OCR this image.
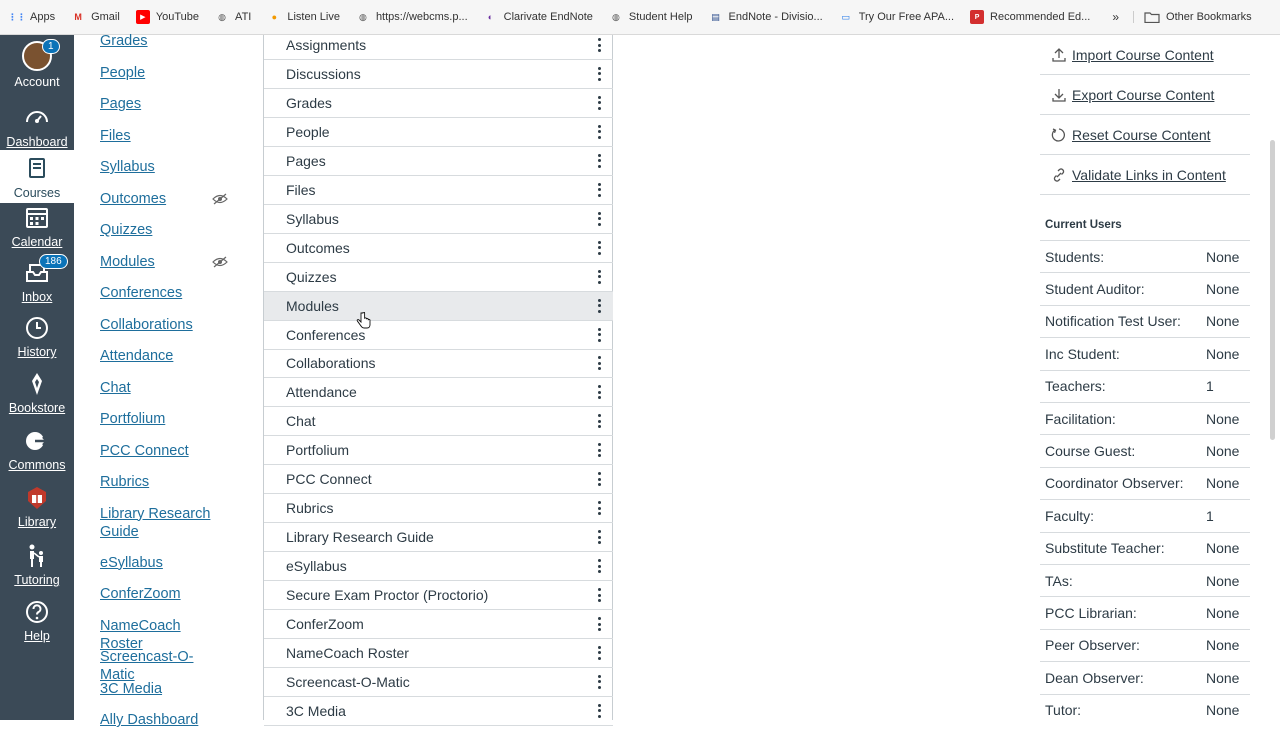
⋮⋮ Apps	M Gmail	▶ YouTube	◍ ATI	● Listen Live	◍ https://webcms.p...	◐ Clarivate EndNote	◍ Student Help	▤ EndNote - Divisio...	▭ Try Our Free APA...	P Recommended Ed... »	Other Bookmarks
1
Account
Dashboard
Courses
Calendar
186
Inbox
History
Bookstore
Commons
Library
Tutoring
Help
Grades
People
Pages
Files
Syllabus
Outcomes
Quizzes
Modules
Conferences
Collaborations
Attendance
Chat
Portfolium
PCC Connect
Rubrics
Library Research Guide
eSyllabus
ConferZoom
NameCoach Roster
Screencast-O-Matic
3C Media
Ally Dashboard
Assignments
Discussions
Grades
People
Pages
Files
Syllabus
Outcomes
Quizzes
Modules
Conferences
Collaborations
Attendance
Chat
Portfolium
PCC Connect
Rubrics
Library Research Guide
eSyllabus
Secure Exam Proctor (Proctorio)
ConferZoom
NameCoach Roster
Screencast-O-Matic
3C Media
Current Users
Import Course Content
Export Course Content
Reset Course Content
Validate Links in Content
Students:	None
Student Auditor:	None
Notification Test User:	None
Inc Student:	None
Teachers:	1
Facilitation:	None
Course Guest:	None
Coordinator Observer:	None
Faculty:	1
Substitute Teacher:	None
TAs:	None
PCC Librarian:	None
Peer Observer:	None
Dean Observer:	None
Tutor:	None
